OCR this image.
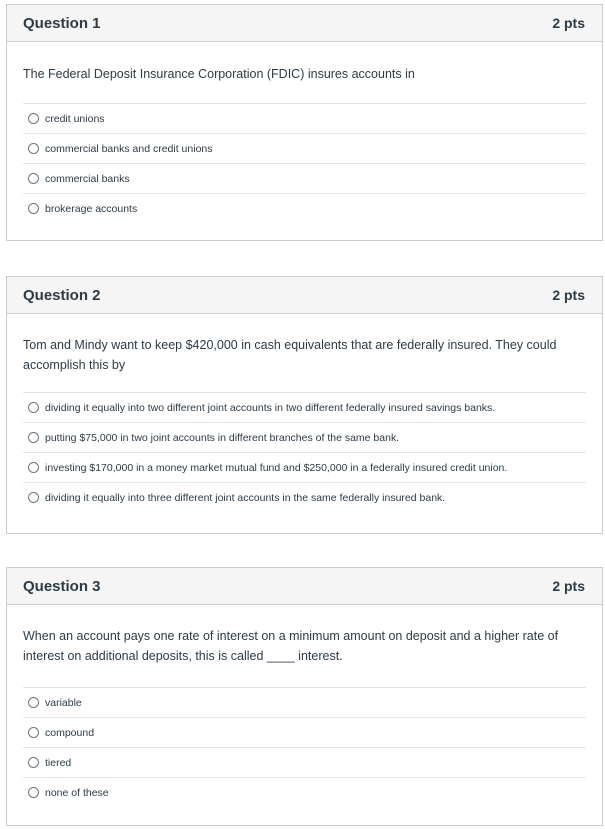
Question 1	2 pts
The Federal Deposit Insurance Corporation (FDIC) insures accounts in
credit unions
commercial banks and credit unions
commercial banks
brokerage accounts
Question 2	2 pts
Tom and Mindy want to keep $420,000 in cash equivalents that are federally insured. They could accomplish this by
dividing it equally into two different joint accounts in two different federally insured savings banks.
putting $75,000 in two joint accounts in different branches of the same bank.
investing $170,000 in a money market mutual fund and $250,000 in a federally insured credit union.
dividing it equally into three different joint accounts in the same federally insured bank.
Question 3	2 pts
When an account pays one rate of interest on a minimum amount on deposit and a higher rate of interest on additional deposits, this is called ____ interest.
variable
compound
tiered
none of these
